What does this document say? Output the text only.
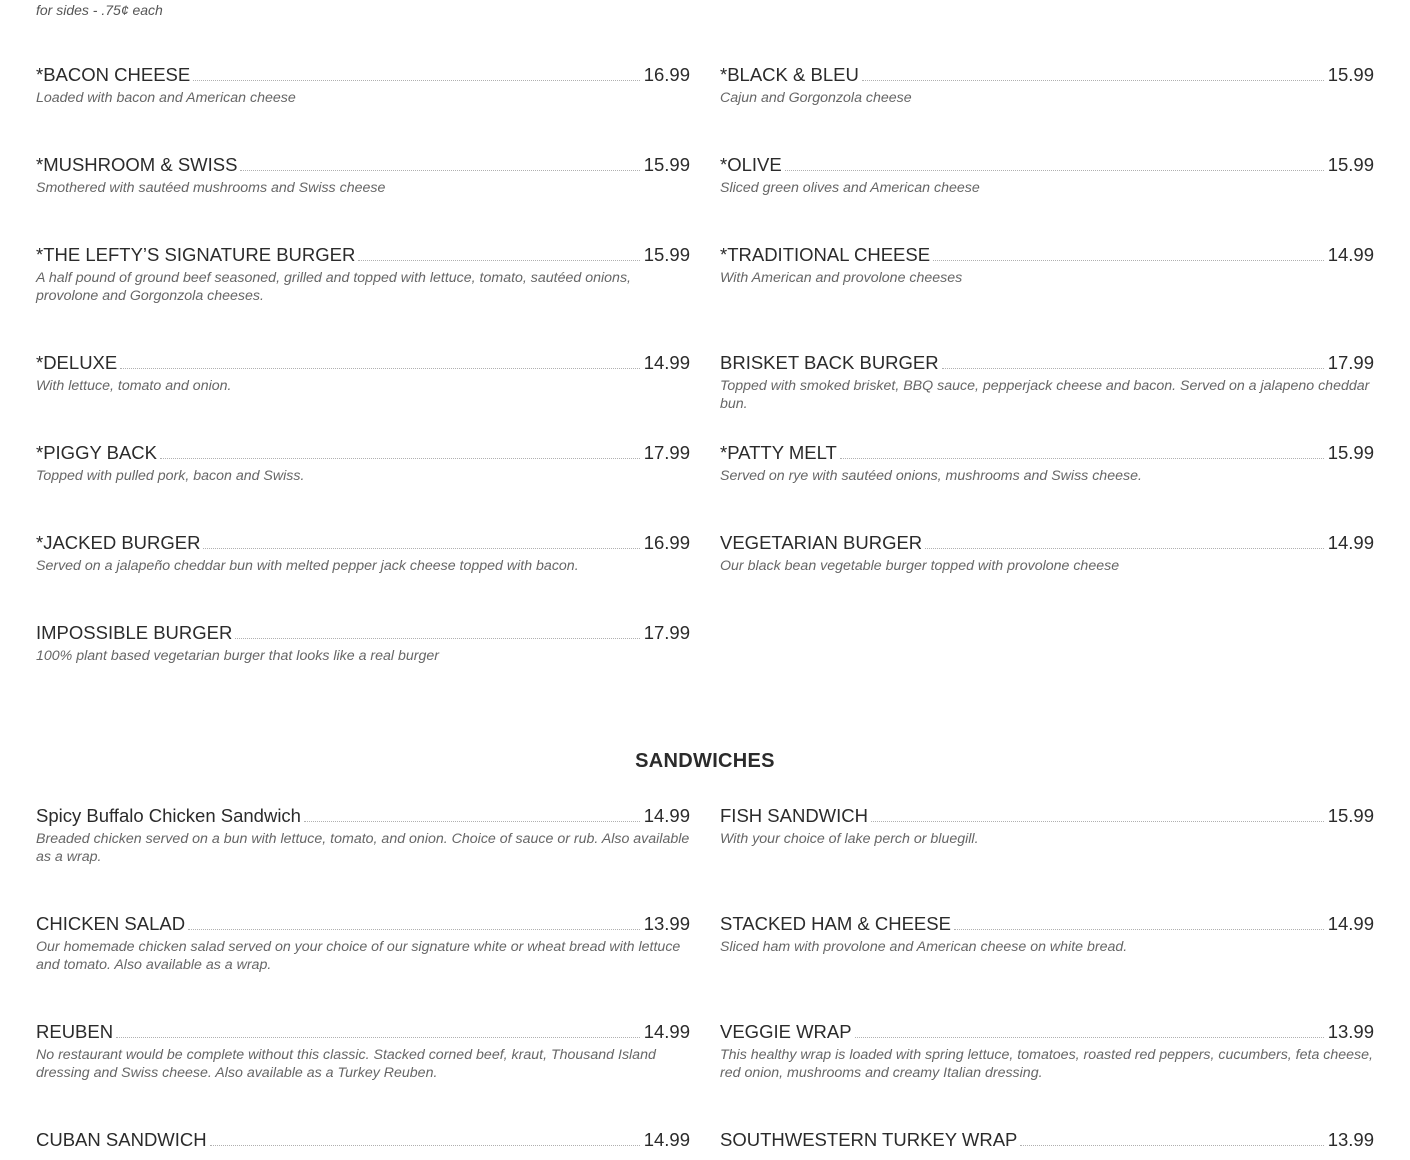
for sides - .75¢ each
*BACON CHEESE	16.99
Loaded with bacon and American cheese
*BLACK & BLEU	15.99
Cajun and Gorgonzola cheese
*MUSHROOM & SWISS	15.99
Smothered with sautéed mushrooms and Swiss cheese
*OLIVE	15.99
Sliced green olives and American cheese
*THE LEFTY’S SIGNATURE BURGER	15.99
A half pound of ground beef seasoned, grilled and topped with lettuce, tomato, sautéed onions, provolone and Gorgonzola cheeses.
*TRADITIONAL CHEESE	14.99
With American and provolone cheeses
*DELUXE	14.99
With lettuce, tomato and onion.
BRISKET BACK BURGER	17.99
Topped with smoked brisket, BBQ sauce, pepperjack cheese and bacon. Served on a jalapeno cheddar bun.
*PIGGY BACK	17.99
Topped with pulled pork, bacon and Swiss.
*PATTY MELT	15.99
Served on rye with sautéed onions, mushrooms and Swiss cheese.
*JACKED BURGER	16.99
Served on a jalapeño cheddar bun with melted pepper jack cheese topped with bacon.
VEGETARIAN BURGER	14.99
Our black bean vegetable burger topped with provolone cheese
IMPOSSIBLE BURGER	17.99
100% plant based vegetarian burger that looks like a real burger
SANDWICHES
Spicy Buffalo Chicken Sandwich	14.99
Breaded chicken served on a bun with lettuce, tomato, and onion. Choice of sauce or rub. Also available as a wrap.
FISH SANDWICH	15.99
With your choice of lake perch or bluegill.
CHICKEN SALAD	13.99
Our homemade chicken salad served on your choice of our signature white or wheat bread with lettuce and tomato. Also available as a wrap.
STACKED HAM & CHEESE	14.99
Sliced ham with provolone and American cheese on white bread.
REUBEN	14.99
No restaurant would be complete without this classic. Stacked corned beef, kraut, Thousand Island dressing and Swiss cheese. Also available as a Turkey Reuben.
VEGGIE WRAP	13.99
This healthy wrap is loaded with spring lettuce, tomatoes, roasted red peppers, cucumbers, feta cheese, red onion, mushrooms and creamy Italian dressing.
CUBAN SANDWICH	14.99 SOUTHWESTERN TURKEY WRAP	13.99
